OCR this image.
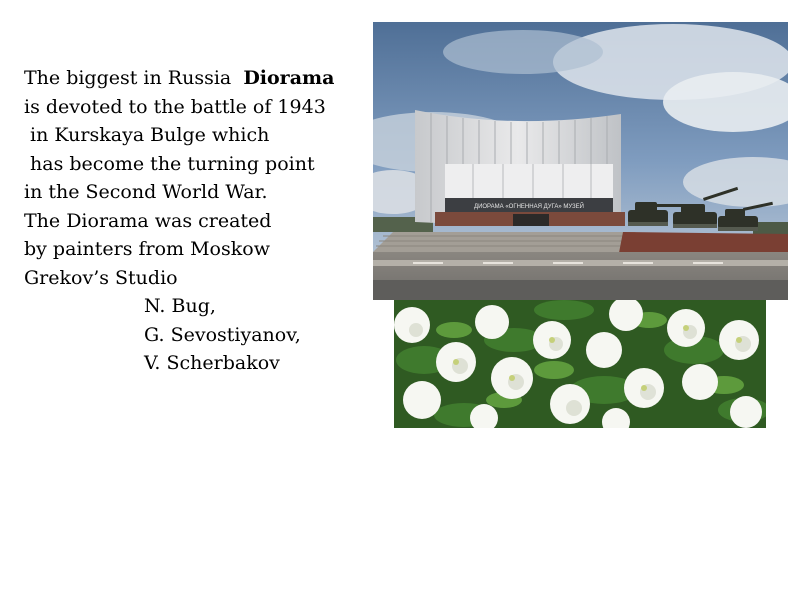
The biggest in Russia  Diorama
is devoted to the battle of 1943
in Kurskaya Bulge which
has become the turning point
in the Second World War.
The Diorama was created
by painters from Moskow
Grekov’s Studio
N. Bug,
G. Sevostiyanov,
V. Scherbakov
ДИОРАМА «ОГНЕННАЯ ДУГА» МУЗЕЙ
